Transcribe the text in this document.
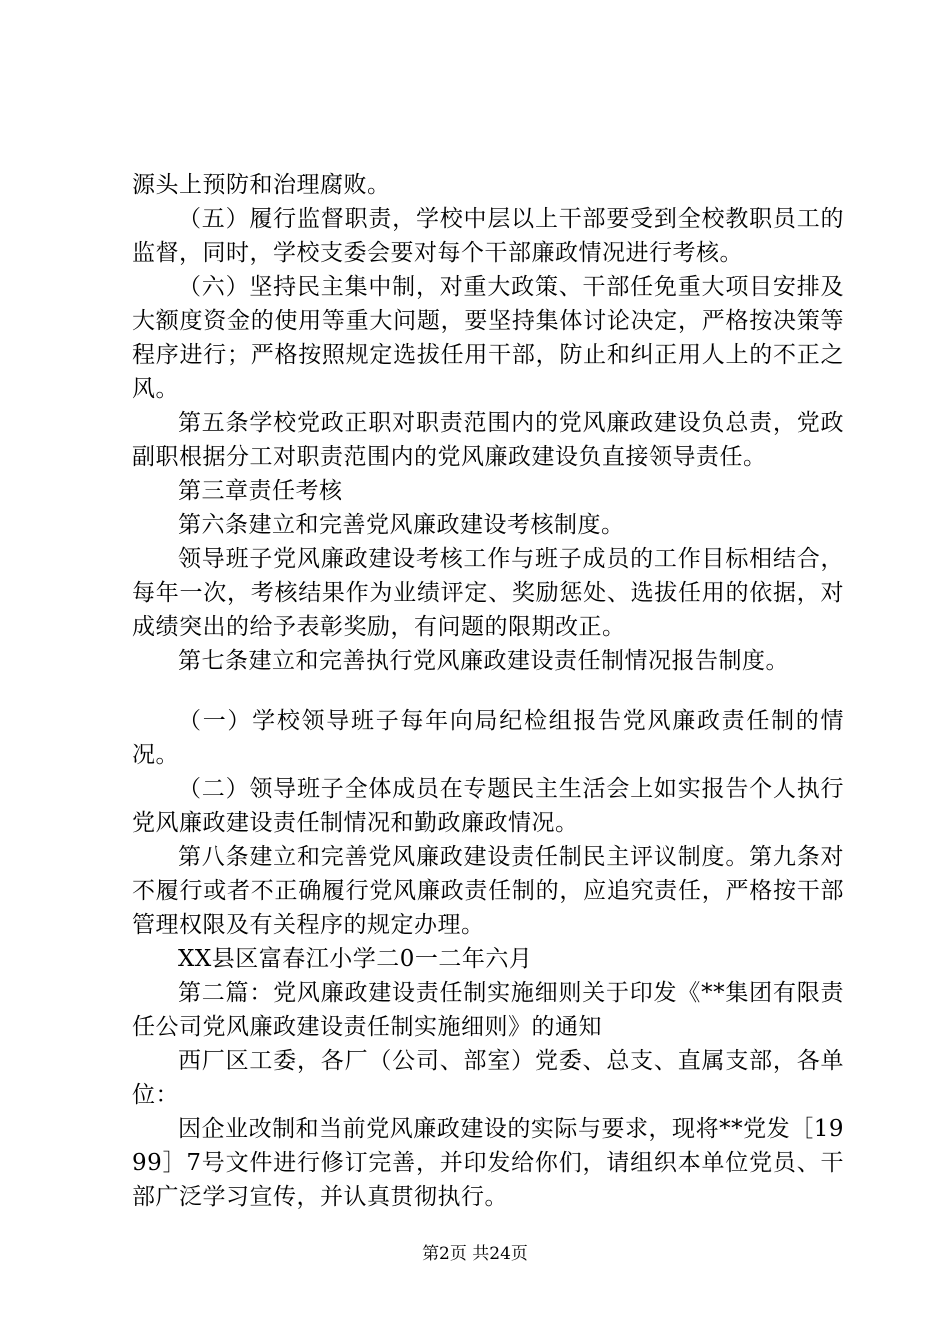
源头上预防和治理腐败。

（五）履行监督职责，学校中层以上干部要受到全校教职员工的监督，同时，学校支委会要对每个干部廉政情况进行考核。

（六）坚持民主集中制，对重大政策、干部任免重大项目安排及大额度资金的使用等重大问题，要坚持集体讨论决定，严格按决策等程序进行；严格按照规定选拔任用干部，防止和纠正用人上的不正之风。

第五条学校党政正职对职责范围内的党风廉政建设负总责，党政副职根据分工对职责范围内的党风廉政建设负直接领导责任。

第三章责任考核

第六条建立和完善党风廉政建设考核制度。

领导班子党风廉政建设考核工作与班子成员的工作目标相结合，每年一次，考核结果作为业绩评定、奖励惩处、选拔任用的依据，对成绩突出的给予表彰奖励，有问题的限期改正。

第七条建立和完善执行党风廉政建设责任制情况报告制度。

（一）学校领导班子每年向局纪检组报告党风廉政责任制的情况。

（二）领导班子全体成员在专题民主生活会上如实报告个人执行党风廉政建设责任制情况和勤政廉政情况。

第八条建立和完善党风廉政建设责任制民主评议制度。第九条对不履行或者不正确履行党风廉政责任制的，应追究责任，严格按干部管理权限及有关程序的规定办理。

XX县区富春江小学二0一二年六月

第二篇：党风廉政建设责任制实施细则关于印发《**集团有限责任公司党风廉政建设责任制实施细则》的通知

西厂区工委，各厂（公司、部室）党委、总支、直属支部，各单位：

因企业改制和当前党风廉政建设的实际与要求，现将**党发［1999］7号文件进行修订完善，并印发给你们，请组织本单位党员、干部广泛学习宣传，并认真贯彻执行。

第2页 共24页
